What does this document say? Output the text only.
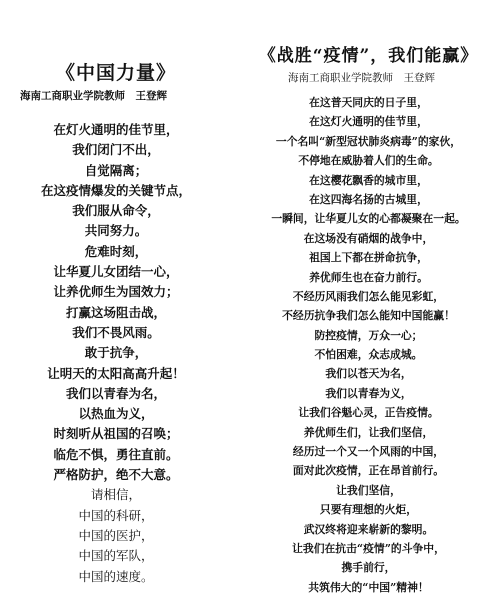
《中国力量》
海南工商职业学院教师　王登辉
在灯火通明的佳节里，
我们闭门不出，
自觉隔离；
在这疫情爆发的关键节点，
我们服从命令，
共同努力。
危难时刻，
让华夏儿女团结一心，
让养优师生为国效力；
打赢这场阻击战，
我们不畏风雨。
敢于抗争，
让明天的太阳高高升起！
我们以青春为名，
以热血为义，
时刻听从祖国的召唤；
临危不惧，勇往直前。
严格防护，绝不大意。
请相信，
中国的科研，
中国的医护，
中国的军队，
中国的速度。
《战胜“疫情”，我们能赢》
海南工商职业学院教师　王登辉
在这普天同庆的日子里，
在这灯火通明的佳节里，
一个名叫“新型冠状肺炎病毒”的家伙，
不停地在威胁着人们的生命。
在这樱花飘香的城市里，
在这四海名扬的古城里，
一瞬间，让华夏儿女的心都凝聚在一起。
在这场没有硝烟的战争中，
祖国上下都在拼命抗争，
养优师生也在奋力前行。
不经历风雨我们怎么能见彩虹，
不经历抗争我们怎么能知中国能赢！
防控疫情，万众一心；
不怕困难，众志成城。
我们以苍天为名，
我们以青春为义，
让我们谷魁心灵，正告疫情。
养优师生们，让我们坚信，
经历过一个又一个风雨的中国，
面对此次疫情，正在昂首前行。
让我们坚信，
只要有理想的火炬，
武汉终将迎来崭新的黎明。
让我们在抗击“疫情”的斗争中，
携手前行，
共筑伟大的“中国”精神！
